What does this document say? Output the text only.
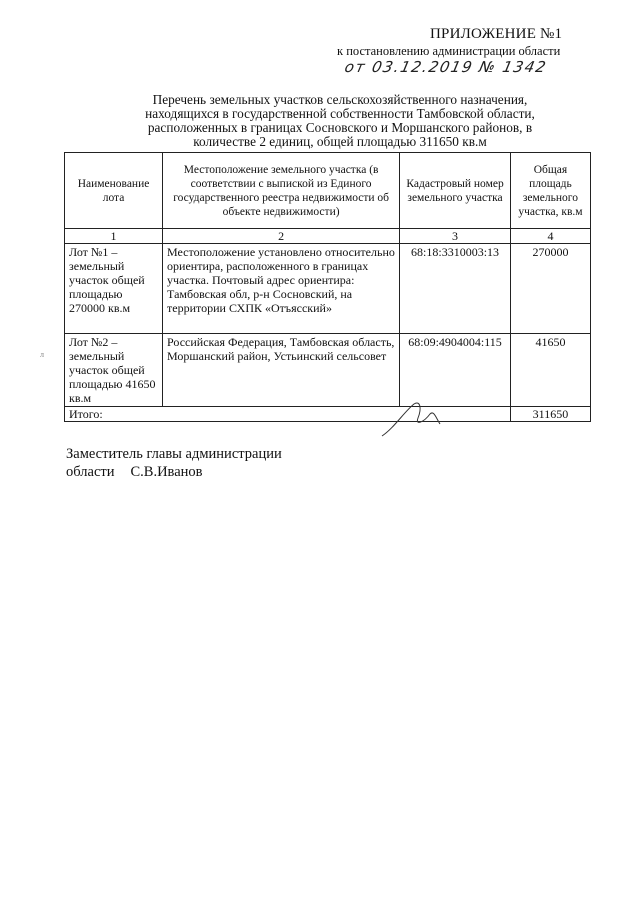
ПРИЛОЖЕНИЕ №1
к постановлению администрации области
от 03.12.2019 № 1342
Перечень земельных участков сельскохозяйственного назначения,
находящихся в государственной собственности Тамбовской области,
расположенных в границах Сосновского и Моршанского районов, в
количестве 2 единиц, общей площадью 311650 кв.м
Наименование лота	Местоположение земельного участка (в соответствии с выпиской из Единого государственного реестра недвижимости об объекте недвижимости)	Кадастровый номер земельного участка	Общая площадь земельного участка, кв.м
1	2	3	4
Лот №1 – земельный участок общей площадью 270000 кв.м	Местоположение установлено относительно ориентира, расположенного в границах участка. Почтовый адрес ориентира: Тамбовская обл, р-н Сосновский, на территории СХПК «Отъясский»	68:18:3310003:13	270000
Лот №2 – земельный участок общей площадью 41650 кв.м	Российская Федерация, Тамбовская область, Моршанский район, Устьинский сельсовет	68:09:4904004:115	41650
Итого:			311650
л
Заместитель главы администрации
области С.В.Иванов
